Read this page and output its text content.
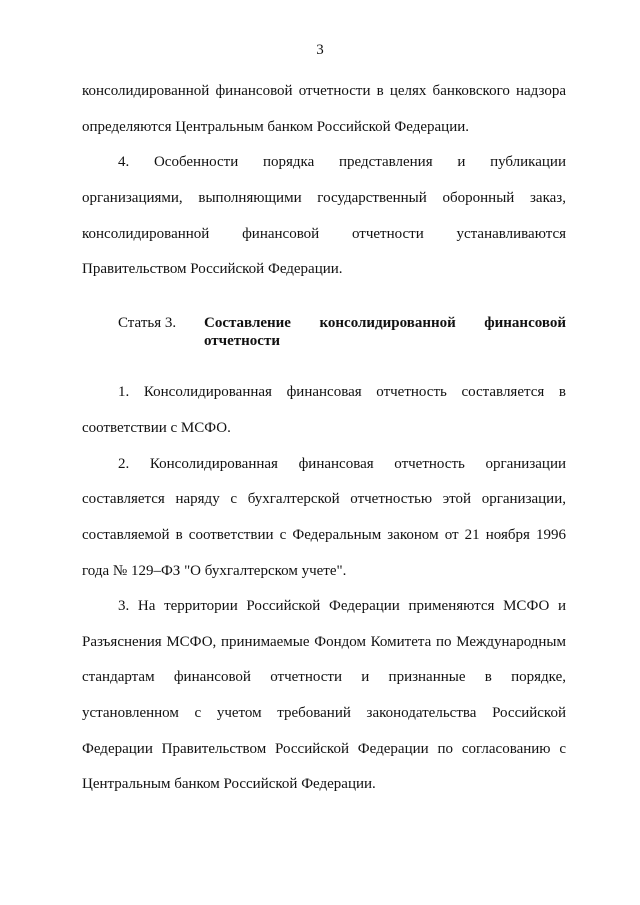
3
консолидированной финансовой отчетности в целях банковского надзора
определяются Центральным банком Российской Федерации.
4. Особенности порядка представления и публикации
организациями, выполняющими государственный оборонный заказ,
консолидированной финансовой отчетности устанавливаются
Правительством Российской Федерации.
Статья 3. Составление консолидированной финансовой
отчетности
1. Консолидированная финансовая отчетность составляется в
соответствии с МСФО.
2. Консолидированная финансовая отчетность организации
составляется наряду с бухгалтерской отчетностью этой организации,
составляемой в соответствии с Федеральным законом от 21 ноября 1996
года № 129–ФЗ "О бухгалтерском учете".
3. На территории Российской Федерации применяются МСФО и
Разъяснения МСФО, принимаемые Фондом Комитета по Международным
стандартам финансовой отчетности и признанные в порядке,
установленном с учетом требований законодательства Российской
Федерации Правительством Российской Федерации по согласованию с
Центральным банком Российской Федерации.
